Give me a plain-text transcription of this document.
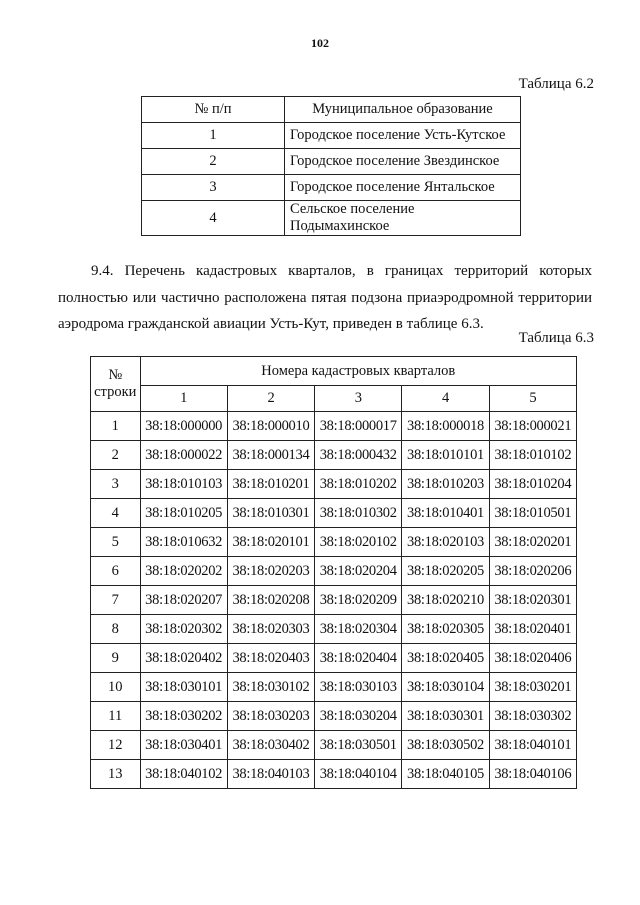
102
Таблица 6.2
№ п/п	Муниципальное образование
1	Городское поселение Усть-Кутское
2	Городское поселение Звездинское
3	Городское поселение Янтальское
4	Сельское поселение Подымахинское
9.4. Перечень кадастровых кварталов, в границах территорий которых полностью или частично расположена пятая подзона приаэродромной территории аэродрома гражданской авиации Усть-Кут, приведен в таблице 6.3.
Таблица 6.3
№
строки	Номера кадастровых кварталов				
	1	2	3	4	5
1	38:18:000000	38:18:000010	38:18:000017	38:18:000018	38:18:000021
2	38:18:000022	38:18:000134	38:18:000432	38:18:010101	38:18:010102
3	38:18:010103	38:18:010201	38:18:010202	38:18:010203	38:18:010204
4	38:18:010205	38:18:010301	38:18:010302	38:18:010401	38:18:010501
5	38:18:010632	38:18:020101	38:18:020102	38:18:020103	38:18:020201
6	38:18:020202	38:18:020203	38:18:020204	38:18:020205	38:18:020206
7	38:18:020207	38:18:020208	38:18:020209	38:18:020210	38:18:020301
8	38:18:020302	38:18:020303	38:18:020304	38:18:020305	38:18:020401
9	38:18:020402	38:18:020403	38:18:020404	38:18:020405	38:18:020406
10	38:18:030101	38:18:030102	38:18:030103	38:18:030104	38:18:030201
11	38:18:030202	38:18:030203	38:18:030204	38:18:030301	38:18:030302
12	38:18:030401	38:18:030402	38:18:030501	38:18:030502	38:18:040101
13	38:18:040102	38:18:040103	38:18:040104	38:18:040105	38:18:040106
